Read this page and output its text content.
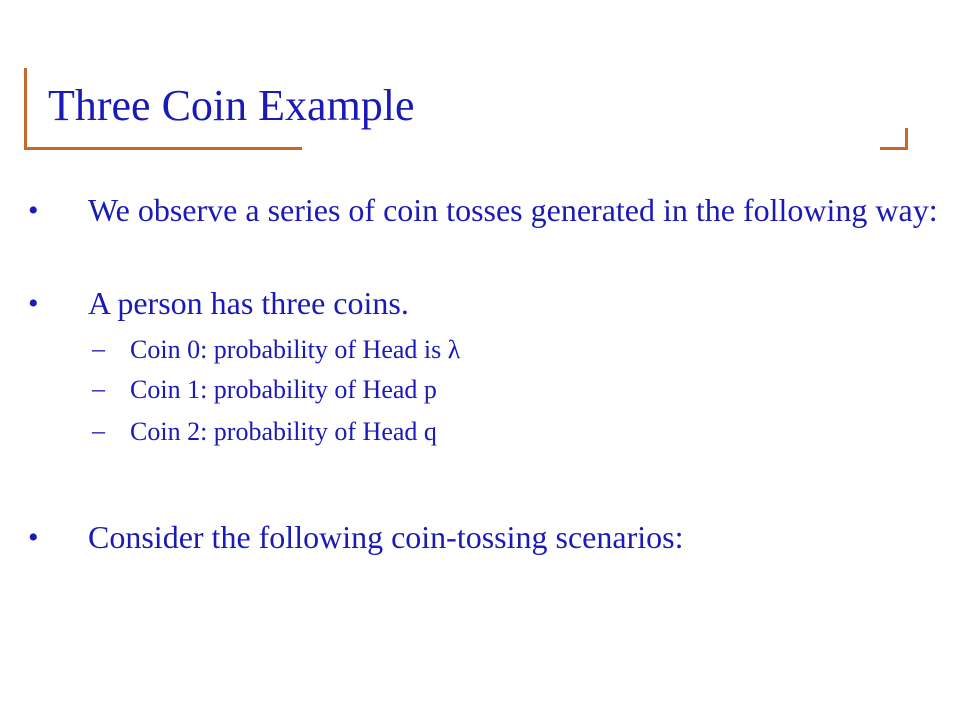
Three Coin Example
• We observe a series of coin tosses generated in the following way:
• A person has three coins.
– Coin 0: probability of Head is λ
– Coin 1: probability of Head p
– Coin 2: probability of Head q
• Consider the following coin-tossing scenarios:
